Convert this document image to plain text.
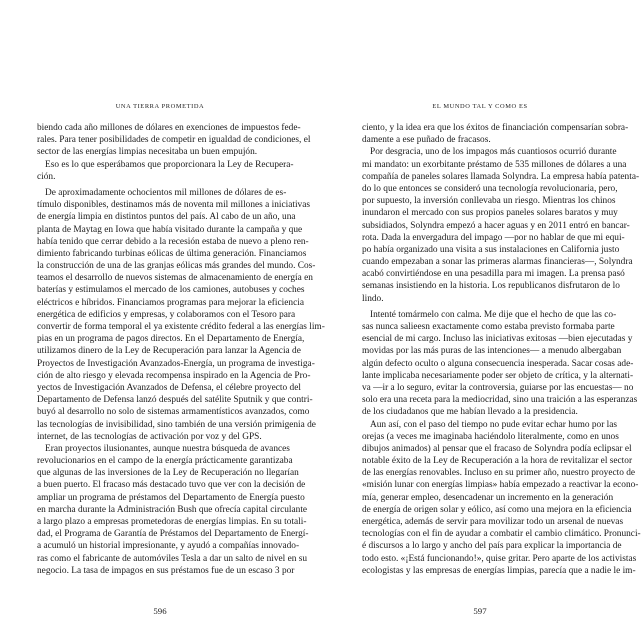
UNA TIERRA PROMETIDA
biendo cada año millones de dólares en exenciones de impuestos fede-
rales. Para tener posibilidades de competir en igualdad de condiciones, el
sector de las energías limpias necesitaba un buen empujón.
Eso es lo que esperábamos que proporcionara la Ley de Recupera-
ción.
De aproximadamente ochocientos mil millones de dólares de es-
tímulo disponibles, destinamos más de noventa mil millones a iniciativas
de energía limpia en distintos puntos del país. Al cabo de un año, una
planta de Maytag en Iowa que había visitado durante la campaña y que
había tenido que cerrar debido a la recesión estaba de nuevo a pleno ren-
dimiento fabricando turbinas eólicas de última generación. Financiamos
la construcción de una de las granjas eólicas más grandes del mundo. Cos-
teamos el desarrollo de nuevos sistemas de almacenamiento de energía en
baterías y estimulamos el mercado de los camiones, autobuses y coches
eléctricos e híbridos. Financiamos programas para mejorar la eficiencia
energética de edificios y empresas, y colaboramos con el Tesoro para
convertir de forma temporal el ya existente crédito federal a las energías lim-
pias en un programa de pagos directos. En el Departamento de Energía,
utilizamos dinero de la Ley de Recuperación para lanzar la Agencia de
Proyectos de Investigación Avanzados-Energía, un programa de investiga-
ción de alto riesgo y elevada recompensa inspirado en la Agencia de Pro-
yectos de Investigación Avanzados de Defensa, el célebre proyecto del
Departamento de Defensa lanzó después del satélite Sputnik y que contri-
buyó al desarrollo no solo de sistemas armamentísticos avanzados, como
las tecnologías de invisibilidad, sino también de una versión primigenia de
internet, de las tecnologías de activación por voz y del GPS.
Eran proyectos ilusionantes, aunque nuestra búsqueda de avances
revolucionarios en el campo de la energía prácticamente garantizaba
que algunas de las inversiones de la Ley de Recuperación no llegarían
a buen puerto. El fracaso más destacado tuvo que ver con la decisión de
ampliar un programa de préstamos del Departamento de Energía puesto
en marcha durante la Administración Bush que ofrecía capital circulante
a largo plazo a empresas prometedoras de energías limpias. En su totali-
dad, el Programa de Garantía de Préstamos del Departamento de Energí-
a acumuló un historial impresionante, y ayudó a compañías innovado-
ras como el fabricante de automóviles Tesla a dar un salto de nivel en su
negocio. La tasa de impagos en sus préstamos fue de un escaso 3 por
596
EL MUNDO TAL Y COMO ES
ciento, y la idea era que los éxitos de financiación compensarían sobra-
damente a ese puñado de fracasos.
Por desgracia, uno de los impagos más cuantiosos ocurrió durante
mi mandato: un exorbitante préstamo de 535 millones de dólares a una
compañía de paneles solares llamada Solyndra. La empresa había patenta-
do lo que entonces se consideró una tecnología revolucionaria, pero,
por supuesto, la inversión conllevaba un riesgo. Mientras los chinos
inundaron el mercado con sus propios paneles solares baratos y muy
subsidiados, Solyndra empezó a hacer aguas y en 2011 entró en bancar-
rota. Dada la envergadura del impago —por no hablar de que mi equi-
po había organizado una visita a sus instalaciones en California justo
cuando empezaban a sonar las primeras alarmas financieras—, Solyndra
acabó convirtiéndose en una pesadilla para mi imagen. La prensa pasó
semanas insistiendo en la historia. Los republicanos disfrutaron de lo
lindo.
Intenté tomármelo con calma. Me dije que el hecho de que las co-
sas nunca salieesn exactamente como estaba previsto formaba parte
esencial de mi cargo. Incluso las iniciativas exitosas —bien ejecutadas y
movidas por las más puras de las intenciones— a menudo albergaban
algún defecto oculto o alguna consecuencia inesperada. Sacar cosas ade-
lante implicaba necesariamente poder ser objeto de crítica, y la alternati-
va —ir a lo seguro, evitar la controversia, guiarse por las encuestas— no
solo era una receta para la mediocridad, sino una traición a las esperanzas
de los ciudadanos que me habían llevado a la presidencia.
Aun así, con el paso del tiempo no pude evitar echar humo por las
orejas (a veces me imaginaba haciéndolo literalmente, como en unos
dibujos animados) al pensar que el fracaso de Solyndra podía eclipsar el
notable éxito de la Ley de Recuperación a la hora de revitalizar el sector
de las energías renovables. Incluso en su primer año, nuestro proyecto de
«misión lunar con energías limpias» había empezado a reactivar la econo-
mía, generar empleo, desencadenar un incremento en la generación
de energía de origen solar y eólico, así como una mejora en la eficiencia
energética, además de servir para movilizar todo un arsenal de nuevas
tecnologías con el fin de ayudar a combatir el cambio climático. Pronunci-
é discursos a lo largo y ancho del país para explicar la importancia de
todo esto. «¡Está funcionando!», quise gritar. Pero aparte de los activistas
ecologistas y las empresas de energías limpias, parecía que a nadie le im-
597
